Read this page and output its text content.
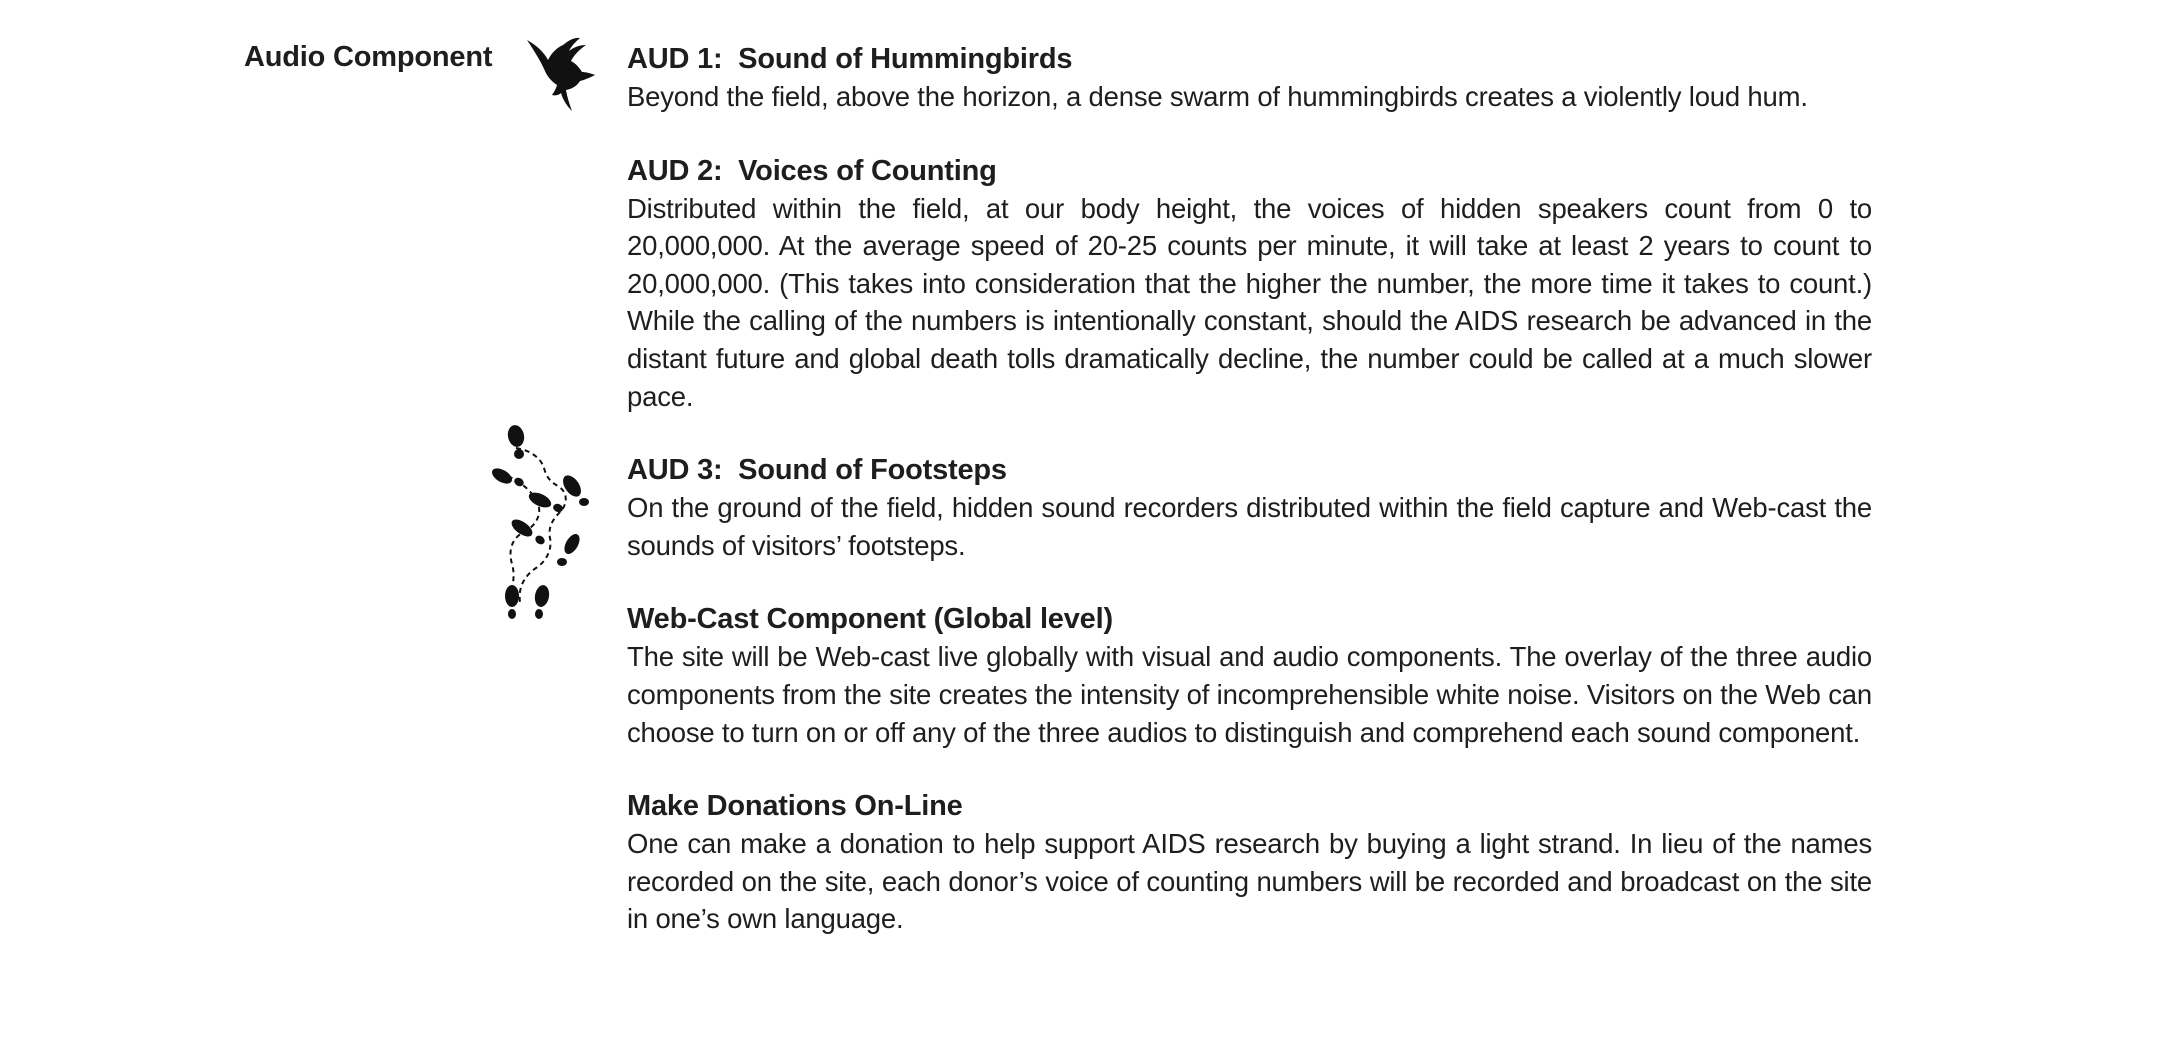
Audio Component	AUD 1:  Sound of Hummingbirds

Beyond the field, above the horizon, a dense swarm of hummingbirds creates a violently loud hum.

AUD 2:  Voices of Counting

Distributed within the field, at our body height, the voices of hidden speakers count from 0 to 20,000,000. At the average speed of 20-25 counts per minute, it will take at least 2 years to count to 20,000,000. (This takes into consideration that the higher the number, the more time it takes to count.) While the calling of the numbers is intentionally constant, should the AIDS research be advanced in the distant future and global death tolls dramatically decline, the number could be called at a much slower pace.

AUD 3:  Sound of Footsteps

On the ground of the field, hidden sound recorders distributed within the field capture and Web-cast the sounds of visitors’ footsteps.

Web-Cast Component (Global level)

The site will be Web-cast live globally with visual and audio components. The overlay of the three audio components from the site creates the intensity of incomprehensible white noise. Visitors on the Web can choose to turn on or off any of the three audios to distinguish and comprehend each sound component.

Make Donations On-Line

One can make a donation to help support AIDS research by buying a light strand. In lieu of the names recorded on the site, each donor’s voice of counting numbers will be recorded and broadcast on the site in one’s own language.
